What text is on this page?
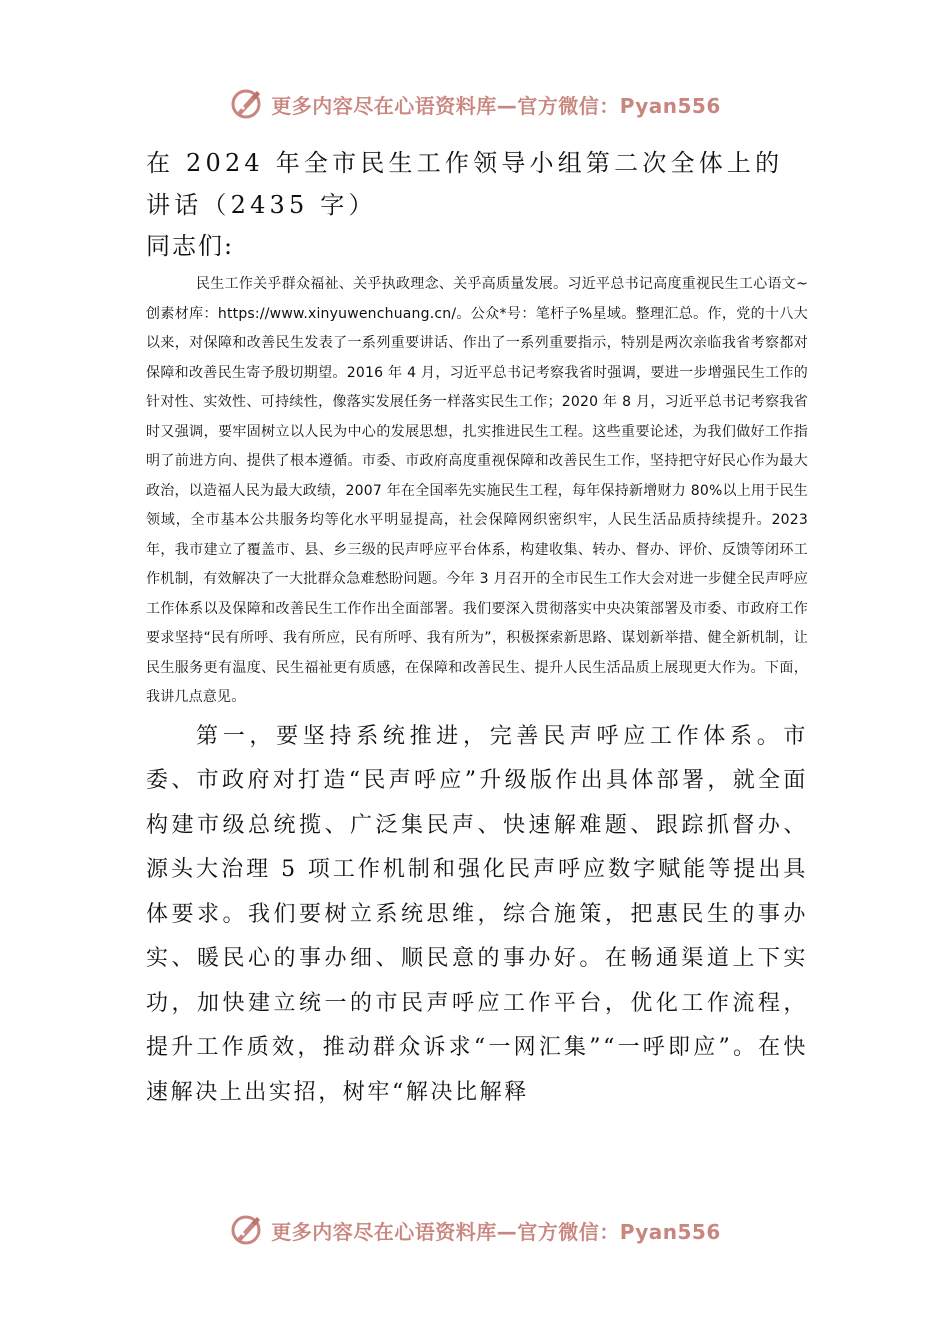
更多内容尽在心语资料库—官方微信：Pyan556
在 2024 年全市民生工作领导小组第二次全体上的讲话（2435 字）

同志们:

民生工作关乎群众福祉、关乎执政理念、关乎高质量发展。习近平总书记高度重视民生工心语文~创素材库：https://www.xinyuwenchuang.cn/。公众*号：笔杆子%星域。整理汇总。作，党的十八大以来，对保障和改善民生发表了一系列重要讲话、作出了一系列重要指示，特别是两次亲临我省考察都对保障和改善民生寄予殷切期望。2016 年 4 月，习近平总书记考察我省时强调，要进一步增强民生工作的针对性、实效性、可持续性，像落实发展任务一样落实民生工作；2020 年 8 月，习近平总书记考察我省时又强调，要牢固树立以人民为中心的发展思想，扎实推进民生工程。这些重要论述，为我们做好工作指明了前进方向、提供了根本遵循。市委、市政府高度重视保障和改善民生工作，坚持把守好民心作为最大政治，以造福人民为最大政绩，2007 年在全国率先实施民生工程，每年保持新增财力 80%以上用于民生领域，全市基本公共服务均等化水平明显提高，社会保障网织密织牢，人民生活品质持续提升。2023 年，我市建立了覆盖市、县、乡三级的民声呼应平台体系，构建收集、转办、督办、评价、反馈等闭环工作机制，有效解决了一大批群众急难愁盼问题。今年 3 月召开的全市民生工作大会对进一步健全民声呼应工作体系以及保障和改善民生工作作出全面部署。我们要深入贯彻落实中央决策部署及市委、市政府工作要求坚持“民有所呼、我有所应，民有所呼、我有所为”，积极探索新思路、谋划新举措、健全新机制，让民生服务更有温度、民生福祉更有质感，在保障和改善民生、提升人民生活品质上展现更大作为。下面，我讲几点意见。

第一，要坚持系统推进，完善民声呼应工作体系。市委、市政府对打造“民声呼应”升级版作出具体部署，就全面构建市级总统揽、广泛集民声、快速解难题、跟踪抓督办、源头大治理 5 项工作机制和强化民声呼应数字赋能等提出具体要求。我们要树立系统思维，综合施策，把惠民生的事办实、暖民心的事办细、顺民意的事办好。在畅通渠道上下实功，加快建立统一的市民声呼应工作平台，优化工作流程，提升工作质效，推动群众诉求“一网汇集”“一呼即应”。在快速解决上出实招，树牢“解决比解释

更多内容尽在心语资料库—官方微信：Pyan556
